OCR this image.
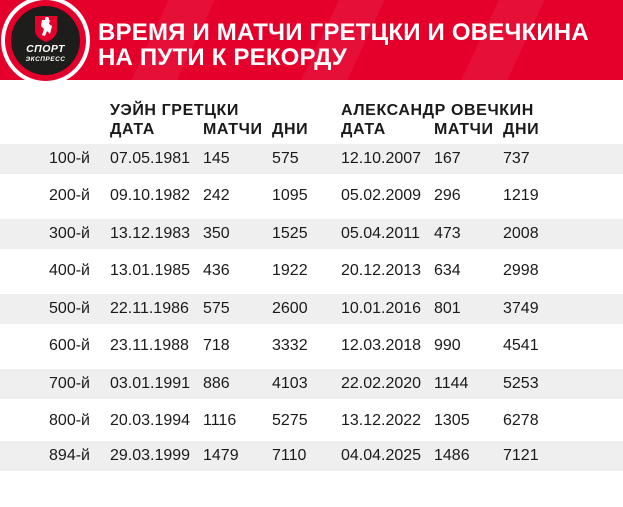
ВРЕМЯ И МАТЧИ ГРЕТЦКИ И ОВЕЧКИНА
НА ПУТИ К РЕКОРДУ
СПОРТ
ЭКСПРЕСС
УЭЙН ГРЕТЦКИ	АЛЕКСАНДР ОВЕЧКИН
ДАТА	МАТЧИ ДНИ ДАТА	МАТЧИ ДНИ
100-й 07.05.1981 145	575	12.10.2007 167	737
200-й 09.10.1982 242	1095 05.02.2009 296	1219
300-й 13.12.1983 350	1525 05.04.2011 473	2008
400-й 13.01.1985 436	1922 20.12.2013 634	2998
500-й 22.11.1986 575	2600 10.01.2016 801	3749
600-й 23.11.1988 718	3332 12.03.2018 990	4541
700-й 03.01.1991 886	4103 22.02.2020 1144 5253
800-й 20.03.1994 1116 5275 13.12.2022 1305 6278
894-й 29.03.1999 1479 7110 04.04.2025 1486 7121
